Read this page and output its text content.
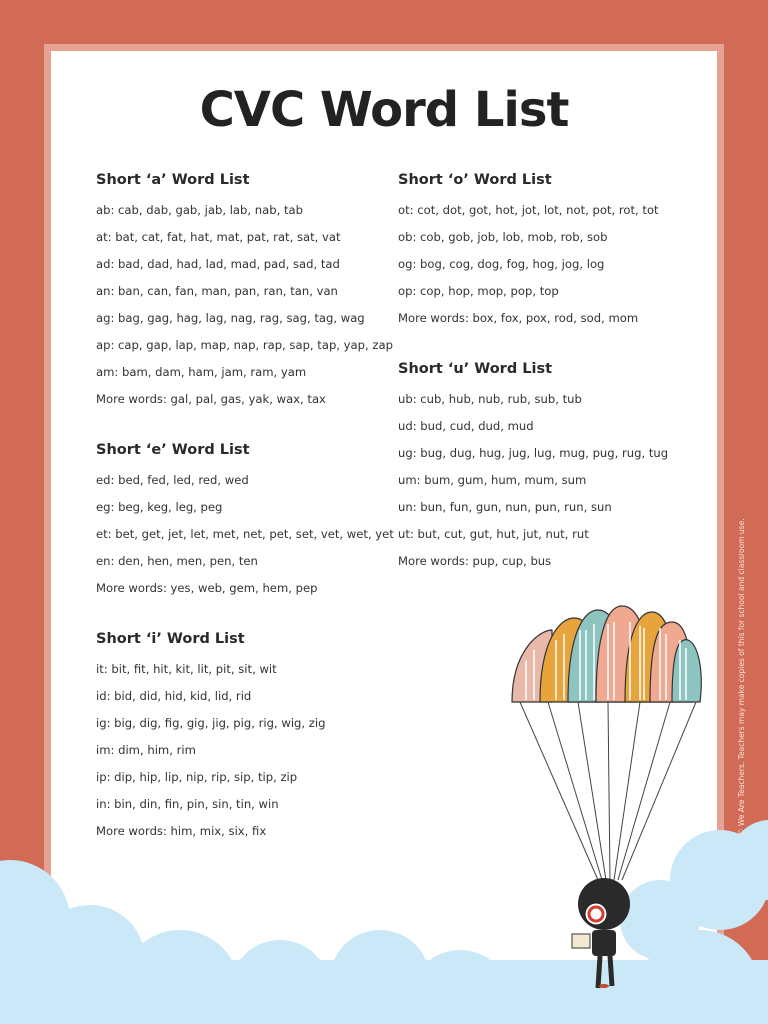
CVC Word List
Short ‘a’ Word List
ab: cab, dab, gab, jab, lab, nab, tab
at: bat, cat, fat, hat, mat, pat, rat, sat, vat
ad: bad, dad, had, lad, mad, pad, sad, tad
an: ban, can, fan, man, pan, ran, tan, van
ag: bag, gag, hag, lag, nag, rag, sag, tag, wag
ap: cap, gap, lap, map, nap, rap, sap, tap, yap, zap
am: bam, dam, ham, jam, ram, yam
More words: gal, pal, gas, yak, wax, tax
Short ‘e’ Word List
ed: bed, fed, led, red, wed
eg: beg, keg, leg, peg
et: bet, get, jet, let, met, net, pet, set, vet, wet, yet
en: den, hen, men, pen, ten
More words: yes, web, gem, hem, pep
Short ‘i’ Word List
it: bit, fit, hit, kit, lit, pit, sit, wit
id: bid, did, hid, kid, lid, rid
ig: big, dig, fig, gig, jig, pig, rig, wig, zig
im: dim, him, rim
ip: dip, hip, lip, nip, rip, sip, tip, zip
in: bin, din, fin, pin, sin, tin, win
More words: him, mix, six, fix
Short ‘o’ Word List
ot: cot, dot, got, hot, jot, lot, not, pot, rot, tot
ob: cob, gob, job, lob, mob, rob, sob
og: bog, cog, dog, fog, hog, jog, log
op: cop, hop, mop, pop, top
More words: box, fox, pox, rod, sod, mom
Short ‘u’ Word List
ub: cub, hub, nub, rub, sub, tub
ud: bud, cud, dud, mud
ug: bug, dug, hug, jug, lug, mug, pug, rug, tug
um: bum, gum, hum, mum, sum
un: bun, fun, gun, nun, pun, run, sun
ut: but, cut, gut, hut, jut, nut, rut
More words: pup, cup, bus	© We Are Teachers. Teachers may make copies of this for school and classroom use.
